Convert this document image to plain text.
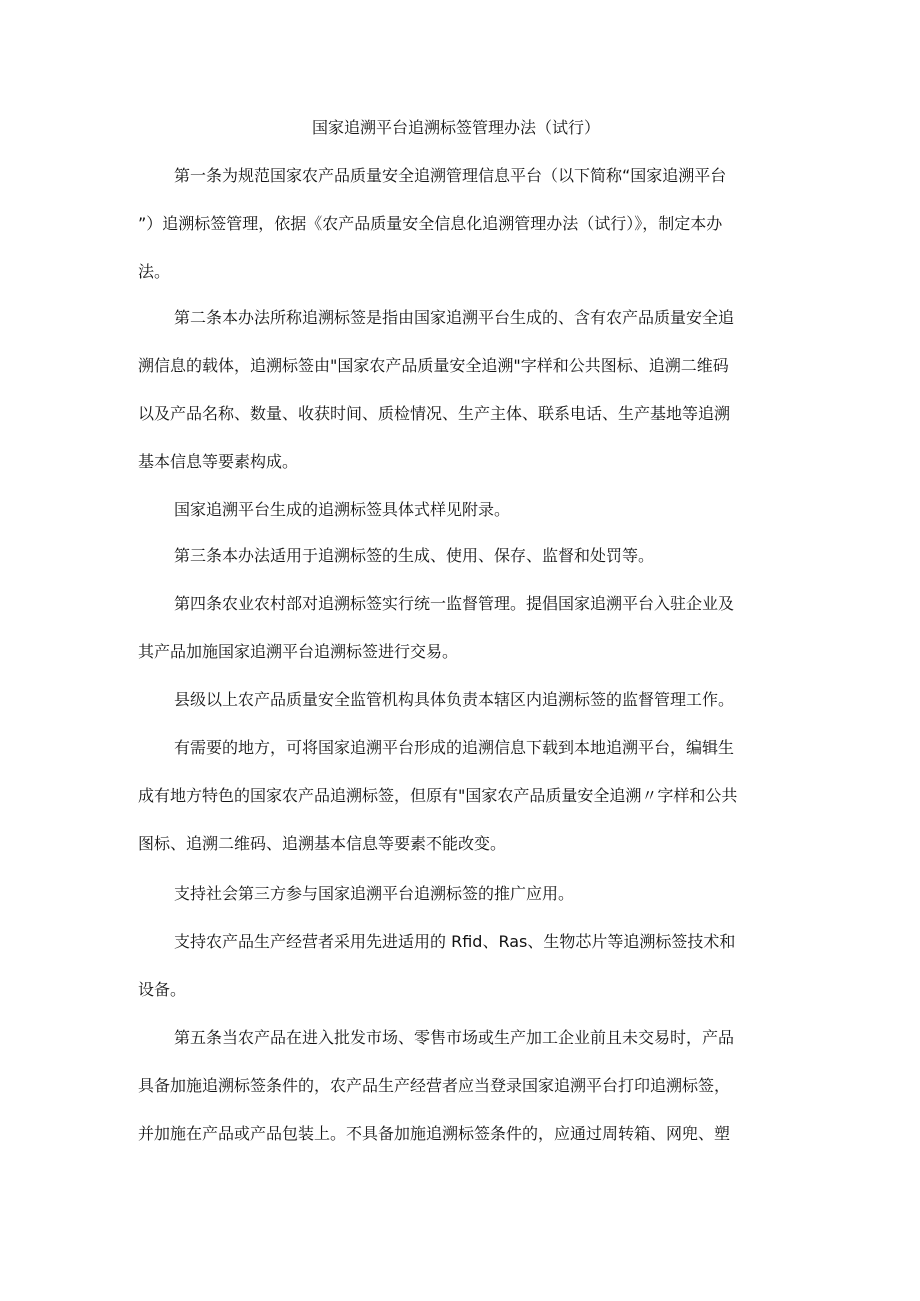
国家追溯平台追溯标签管理办法（试行）
第一条为规范国家农产品质量安全追溯管理信息平台（以下简称“国家追溯平台
”）追溯标签管理，依据《农产品质量安全信息化追溯管理办法（试行）》，制定本办
法。
第二条本办法所称追溯标签是指由国家追溯平台生成的、含有农产品质量安全追
溯信息的载体，追溯标签由"国家农产品质量安全追溯"字样和公共图标、追溯二维码
以及产品名称、数量、收获时间、质检情况、生产主体、联系电话、生产基地等追溯
基本信息等要素构成。
国家追溯平台生成的追溯标签具体式样见附录。
第三条本办法适用于追溯标签的生成、使用、保存、监督和处罚等。
第四条农业农村部对追溯标签实行统一监督管理。提倡国家追溯平台入驻企业及
其产品加施国家追溯平台追溯标签进行交易。
县级以上农产品质量安全监管机构具体负责本辖区内追溯标签的监督管理工作。
有需要的地方，可将国家追溯平台形成的追溯信息下载到本地追溯平台，编辑生
成有地方特色的国家农产品追溯标签，但原有"国家农产品质量安全追溯〃字样和公共
图标、追溯二维码、追溯基本信息等要素不能改变。
支持社会第三方参与国家追溯平台追溯标签的推广应用。
支持农产品生产经营者采用先进适用的 Rfid、Ras、生物芯片等追溯标签技术和
设备。
第五条当农产品在进入批发市场、零售市场或生产加工企业前且未交易时，产品
具备加施追溯标签条件的，农产品生产经营者应当登录国家追溯平台打印追溯标签，
并加施在产品或产品包装上。不具备加施追溯标签条件的，应通过周转箱、网兜、塑
